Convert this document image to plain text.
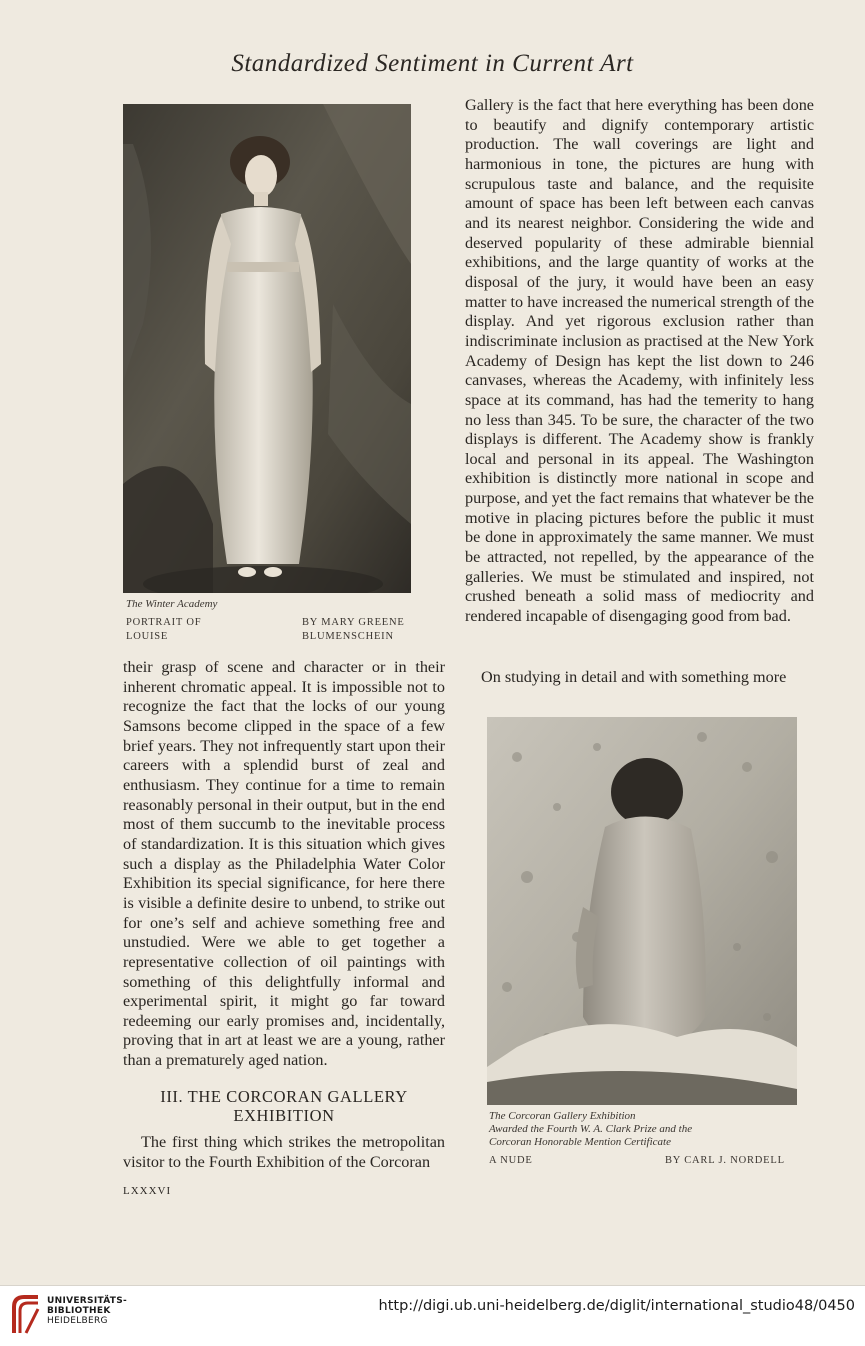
Standardized Sentiment in Current Art
The Winter Academy
PORTRAIT OF
LOUISE
BY MARY GREENE
BLUMENSCHEIN

Gallery is the fact that here everything has been done to beautify and dignify contemporary artistic production. The wall coverings are light and harmonious in tone, the pictures are hung with scrupulous taste and balance, and the requisite amount of space has been left between each canvas and its nearest neighbor. Considering the wide and deserved popularity of these admirable biennial exhibitions, and the large quantity of works at the disposal of the jury, it would have been an easy matter to have increased the numerical strength of the display. And yet rigorous exclusion rather than indiscriminate inclusion as practised at the New York Academy of Design has kept the list down to 246 canvases, whereas the Academy, with infinitely less space at its command, has had the temerity to hang no less than 345. To be sure, the character of the two displays is different. The Academy show is frankly local and personal in its appeal. The Washington exhibition is distinctly more national in scope and purpose, and yet the fact remains that whatever be the motive in placing pictures before the public it must be done in approximately the same manner. We must be attracted, not repelled, by the appearance of the galleries. We must be stimulated and inspired, not crushed beneath a solid mass of mediocrity and rendered incapable of disengaging good from bad.

On studying in detail and with something more

their grasp of scene and character or in their inherent chromatic appeal. It is impossible not to recognize the fact that the locks of our young Samsons become clipped in the space of a few brief years. They not infrequently start upon their careers with a splendid burst of zeal and enthusiasm. They continue for a time to remain reasonably personal in their output, but in the end most of them succumb to the inevitable process of standardization. It is this situation which gives such a display as the Philadelphia Water Color Exhibition its special significance, for here there is visible a definite desire to unbend, to strike out for one’s self and achieve something free and unstudied. Were we able to get together a representative collection of oil paintings with something of this delightfully informal and experimental spirit, it might go far toward redeeming our early promises and, incidentally, proving that in art at least we are a young, rather than a prematurely aged nation.

III. THE CORCORAN GALLERY
EXHIBITION

The first thing which strikes the metropolitan visitor to the Fourth Exhibition of the Corcoran

The Corcoran Gallery Exhibition
Awarded the Fourth W. A. Clark Prize and the
Corcoran Honorable Mention Certificate
A NUDE	BY CARL J. NORDELL
LXXXVI
UNIVERSITÄTS-
BIBLIOTHEK
HEIDELBERG
http://digi.ub.uni-heidelberg.de/diglit/international_studio48/0450
